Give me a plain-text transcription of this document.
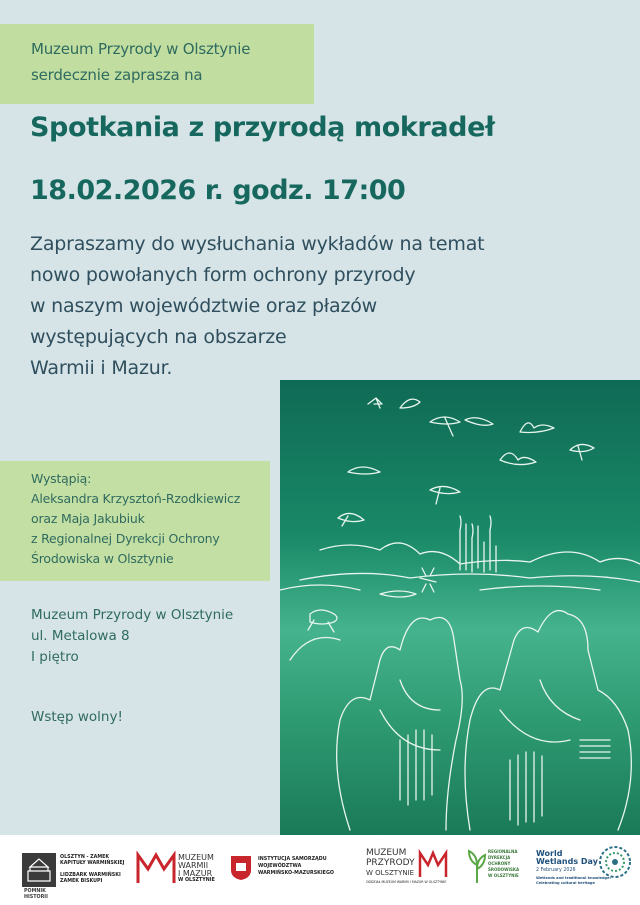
Muzeum Przyrody w Olsztynie
serdecznie zaprasza na
Spotkania z przyrodą mokradeł
18.02.2026 r. godz. 17:00
Zapraszamy do wysłuchania wykładów na temat
nowo powołanych form ochrony przyrody
w naszym województwie oraz płazów
występujących na obszarze
Warmii i Mazur.
Wystąpią:
Aleksandra Krzysztoń-Rzodkiewicz
oraz Maja Jakubiuk
z Regionalnej Dyrekcji Ochrony
Środowiska w Olsztynie
Muzeum Przyrody w Olsztynie
ul. Metalowa 8
I piętro
Wstęp wolny!
POMNIK
HISTORII
OLSZTYN - ZAMEK
KAPITUŁY WARMIŃSKIEJ
LIDZBARK WARMIŃSKI
ZAMEK BISKUPI
MUZEUM
WARMII
I MAZUR
W OLSZTYNIE
INSTYTUCJA SAMORZĄDU
WOJEWÓDZTWA
WARMIŃSKO-MAZURSKIEGO
MUZEUM
PRZYRODY
W OLSZTYNIE
ODDZIAŁ MUZEUM WARMII I MAZUR W OLSZTYNIE
REGIONALNA
DYREKCJA
OCHRONY
ŚRODOWISKA
W OLSZTYNIE
World
Wetlands Day
2 February 2026
Wetlands and traditional knowledge:
Celebrating cultural heritage
